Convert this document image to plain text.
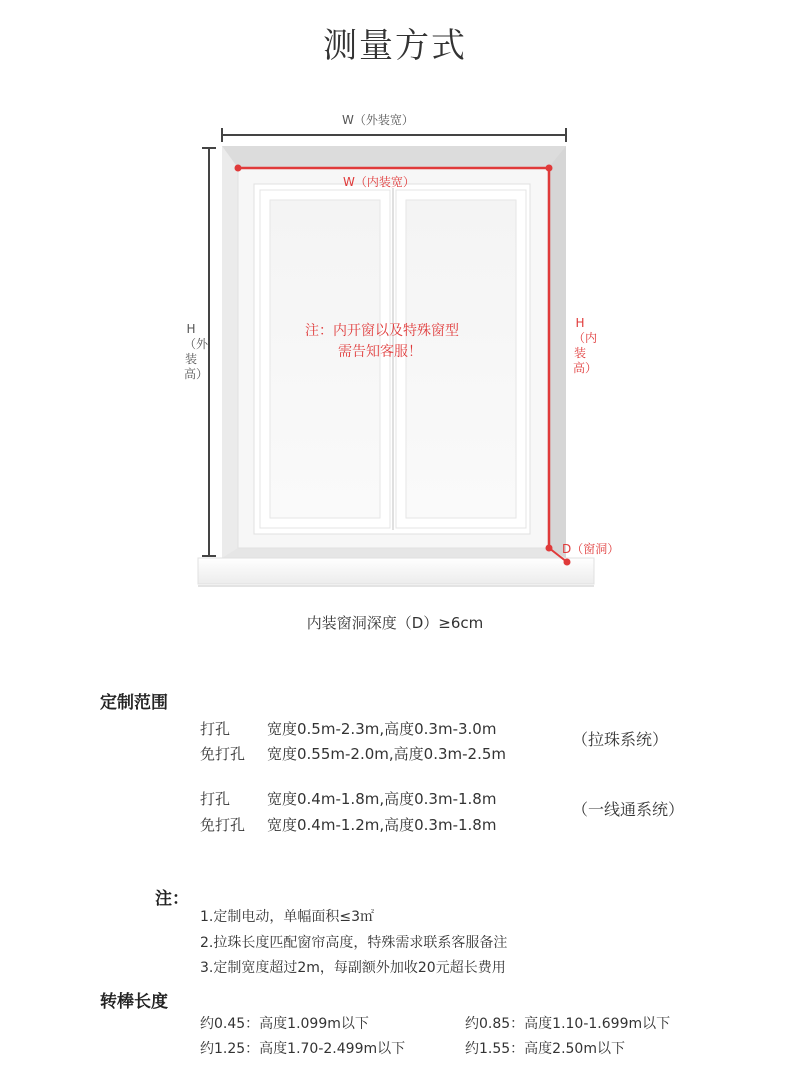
测量方式
W（外装宽）
W（内装宽）
H（外装高）
H（内装高）
D（窗洞）
注：内开窗以及特殊窗型
需告知客服！
内装窗洞深度（D）≥6cm
定制范围
打孔 宽度0.5m-2.3m,高度0.3m-3.0m
免打孔 宽度0.55m-2.0m,高度0.3m-2.5m
（拉珠系统）
打孔 宽度0.4m-1.8m,高度0.3m-1.8m
免打孔 宽度0.4m-1.2m,高度0.3m-1.8m
（一线通系统）
注：
1.定制电动，单幅面积≤3㎡
2.拉珠长度匹配窗帘高度，特殊需求联系客服备注
3.定制宽度超过2m，每副额外加收20元超长费用
转棒长度
约0.45：高度1.099m以下	约0.85：高度1.10-1.699m以下
约1.25：高度1.70-2.499m以下	约1.55：高度2.50m以下
